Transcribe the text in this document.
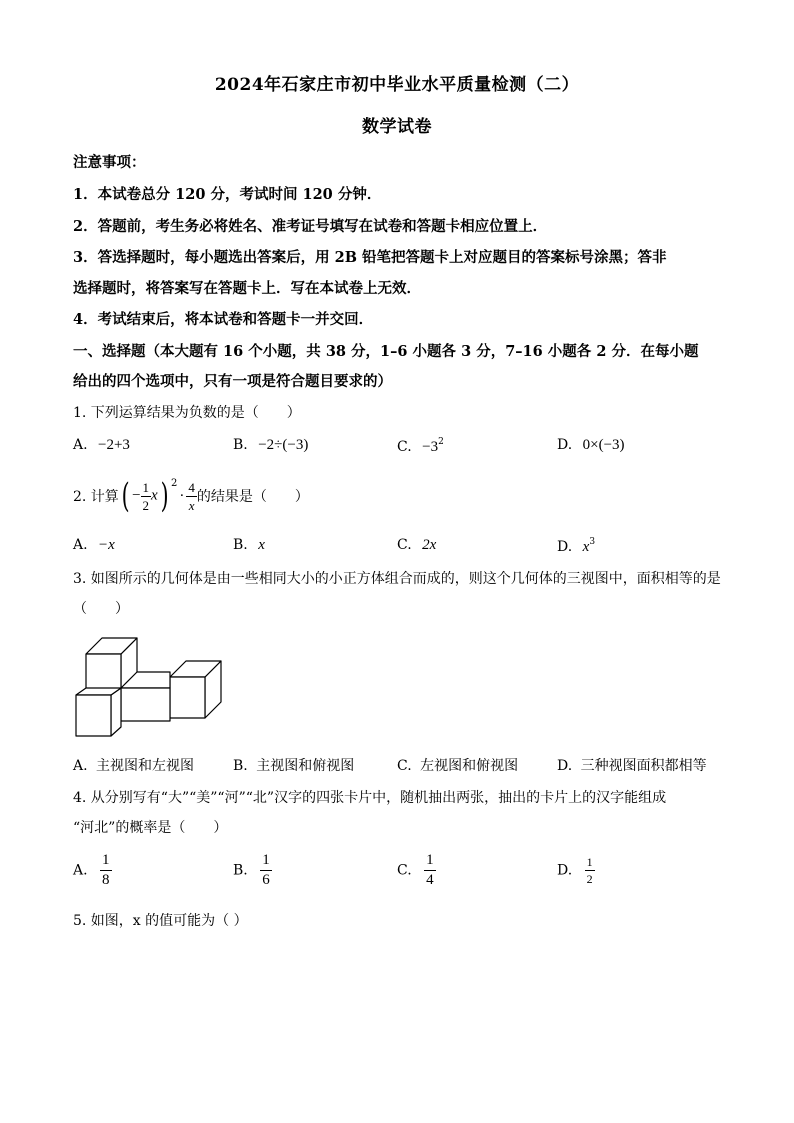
2024年石家庄市初中毕业水平质量检测（二）
数学试卷
注意事项：
1．本试卷总分 120 分，考试时间 120 分钟．
2．答题前，考生务必将姓名、准考证号填写在试卷和答题卡相应位置上．
3．答选择题时，每小题选出答案后，用 2B 铅笔把答题卡上对应题目的答案标号涂黑；答非
选择题时，将答案写在答题卡上．写在本试卷上无效．
4．考试结束后，将本试卷和答题卡一并交回．
一、选择题（本大题有 16 个小题，共 38 分，1–6 小题各 3 分，7–16 小题各 2 分．在每小题
给出的四个选项中，只有一项是符合题目要求的）
1. 下列运算结果为负数的是（　　）
A. −2+3	B. −2÷(−3)	C. $-3^2$	D. 0×(−3)
2. 计算( − $\frac{1}{2} x$) $^2\cdot \frac{4}{x}$ 的结果是（　　）
A. −x	B. x	C. 2x	D. $x^3$
3. 如图所示的几何体是由一些相同大小的小正方体组合而成的，则这个几何体的三视图中，面积相等的是
（　　）
A. 主视图和左视图	B. 主视图和俯视图	C. 左视图和俯视图	D. 三种视图面积都相等
4. 从分别写有“大”“美”“河”“北”汉字的四张卡片中，随机抽出两张，抽出的卡片上的汉字能组成
“河北”的概率是（　　）
A. $\frac{1}{8}$	B. $\frac{1}{6}$	C. $\frac{1}{4}$	D. $\frac{1}{2}$
5. 如图，x 的值可能为（ ）
